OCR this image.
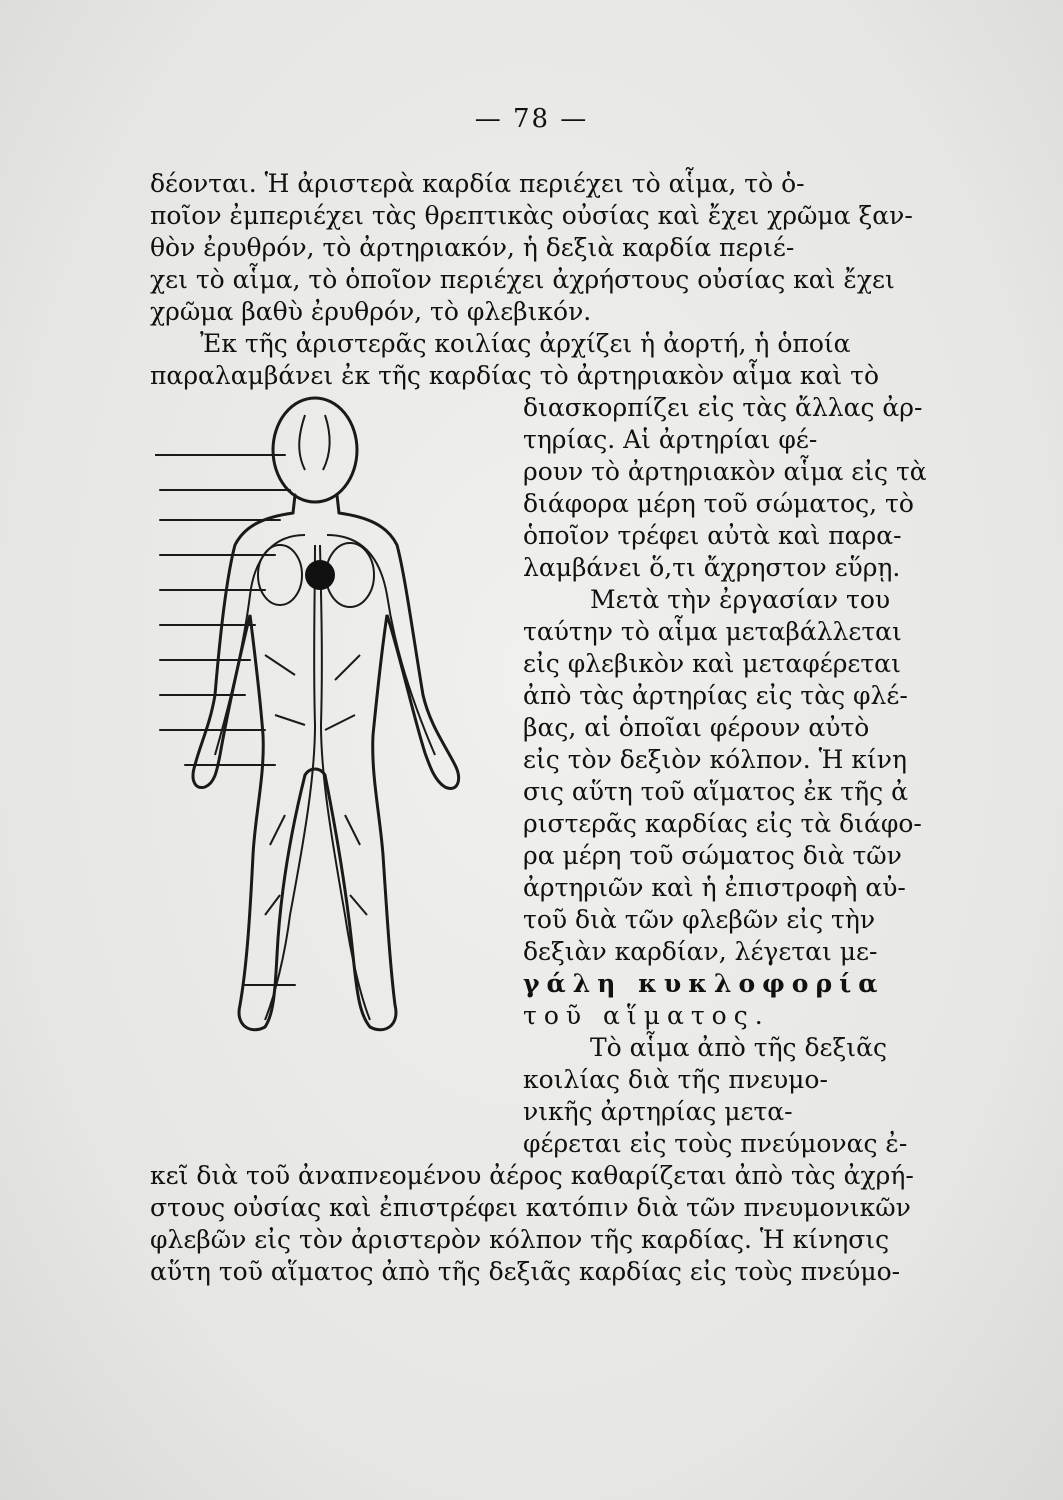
— 78 —
δέονται. Ἡ ἀριστερὰ καρδία περιέχει τὸ αἷμα, τὸ ὁ-
ποῖον ἐμπεριέχει τὰς θρεπτικὰς οὐσίας καὶ ἔχει χρῶμα ξαν-
θὸν ἐρυθρόν, τὸ ἀρτηριακόν, ἡ δεξιὰ καρδία περιέ-
χει τὸ αἷμα, τὸ ὁποῖον περιέχει ἀχρήστους οὐσίας καὶ ἔχει
χρῶμα βαθὺ ἐρυθρόν, τὸ φλεβικόν.
Ἐκ τῆς ἀριστερᾶς κοιλίας ἀρχίζει ἡ ἀορτή, ἡ ὁποία
παραλαμβάνει ἐκ τῆς καρδίας τὸ ἀρτηριακὸν αἷμα καὶ τὸ
διασκορπίζει εἰς τὰς ἄλλας ἀρ-
τηρίας. Αἱ ἀρτηρίαι φέ-
ρουν τὸ ἀρτηριακὸν αἷμα εἰς τὰ
διάφορα μέρη τοῦ σώματος, τὸ
ὁποῖον τρέφει αὐτὰ καὶ παρα-
λαμβάνει ὅ,τι ἄχρηστον εὕρῃ.
Μετὰ τὴν ἐργασίαν του
ταύτην τὸ αἷμα μεταβάλλεται
εἰς φλεβικὸν καὶ μεταφέρεται
ἀπὸ τὰς ἀρτηρίας εἰς τὰς φλέ-
βας, αἱ ὁποῖαι φέρουν αὐτὸ
εἰς τὸν δεξιὸν κόλπον. Ἡ κίνη
σις αὕτη τοῦ αἵματος ἐκ τῆς ἀ
ριστερᾶς καρδίας εἰς τὰ διάφο-
ρα μέρη τοῦ σώματος διὰ τῶν
ἀρτηριῶν καὶ ἡ ἐπιστροφὴ αὐ-
τοῦ διὰ τῶν φλεβῶν εἰς τὴν
δεξιὰν καρδίαν, λέγεται με-
γάλη κυκλοφορία
τοῦ αἵματος.
Τὸ αἷμα ἀπὸ τῆς δεξιᾶς
κοιλίας διὰ τῆς πνευμο-
νικῆς ἀρτηρίας μετα-
φέρεται εἰς τοὺς πνεύμονας ἐ-
κεῖ διὰ τοῦ ἀναπνεομένου ἀέρος καθαρίζεται ἀπὸ τὰς ἀχρή-
στους οὐσίας καὶ ἐπιστρέφει κατόπιν διὰ τῶν πνευμονικῶν
φλεβῶν εἰς τὸν ἀριστερὸν κόλπον τῆς καρδίας. Ἡ κίνησις
αὕτη τοῦ αἵματος ἀπὸ τῆς δεξιᾶς καρδίας εἰς τοὺς πνεύμο-
